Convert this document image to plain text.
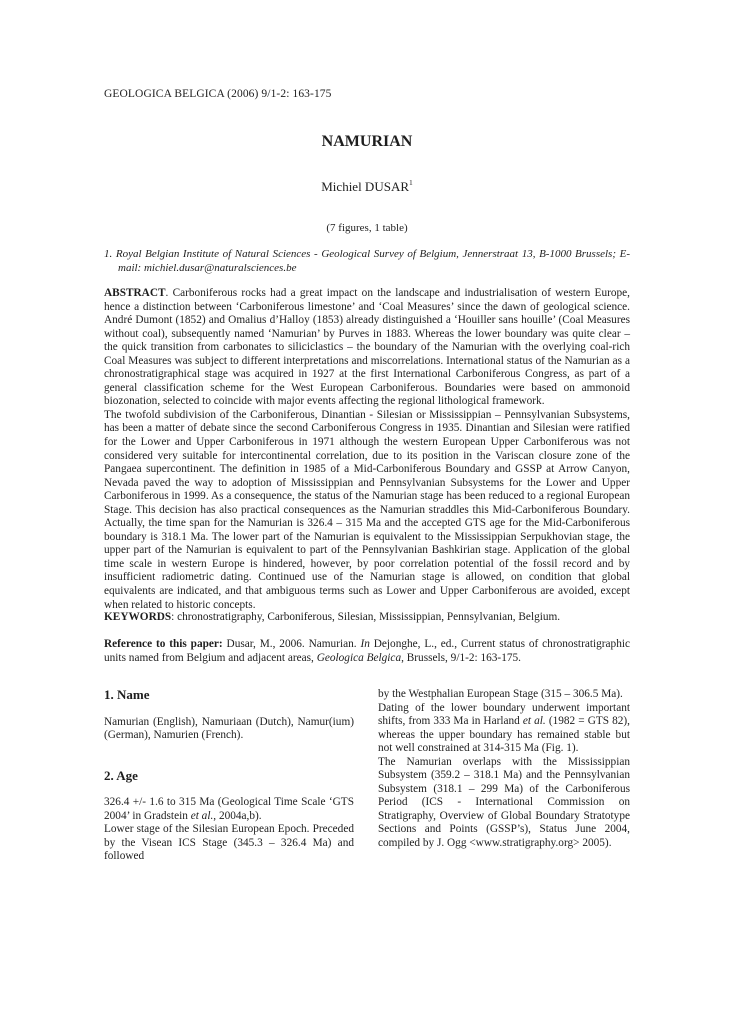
GEOLOGICA BELGICA (2006) 9/1-2: 163-175
NAMURIAN
Michiel DUSAR$^1$
(7 figures, 1 table)
1. Royal Belgian Institute of Natural Sciences - Geological Survey of Belgium, Jennerstraat 13, B-1000 Brussels; E-mail: michiel.dusar@naturalsciences.be

ABSTRACT. Carboniferous rocks had a great impact on the landscape and industrialisation of western Europe, hence a distinction between ‘Carboniferous limestone’ and ‘Coal Measures’ since the dawn of geological science. André Dumont (1852) and Omalius d’Halloy (1853) already distinguished a ‘Houiller sans houille’ (Coal Measures without coal), subsequently named ‘Namurian’ by Purves in 1883. Whereas the lower boundary was quite clear – the quick transition from carbonates to siliciclastics – the boundary of the Namurian with the overlying coal-rich Coal Measures was subject to different interpretations and miscorrelations. International status of the Namurian as a chronostratigraphical stage was acquired in 1927 at the first International Carboniferous Congress, as part of a general classification scheme for the West European Carboniferous. Boundaries were based on ammonoid biozonation, selected to coincide with major events affecting the regional lithological framework.

The twofold subdivision of the Carboniferous, Dinantian - Silesian or Mississippian – Pennsylvanian Subsystems, has been a matter of debate since the second Carboniferous Congress in 1935. Dinantian and Silesian were ratified for the Lower and Upper Carboniferous in 1971 although the western European Upper Carboniferous was not considered very suitable for intercontinental correlation, due to its position in the Variscan closure zone of the Pangaea supercontinent. The definition in 1985 of a Mid-Carboniferous Boundary and GSSP at Arrow Canyon, Nevada paved the way to adoption of Mississippian and Pennsylvanian Subsystems for the Lower and Upper Carboniferous in 1999. As a consequence, the status of the Namurian stage has been reduced to a regional European Stage. This decision has also practical consequences as the Namurian straddles this Mid-Carboniferous Boundary. Actually, the time span for the Namurian is 326.4 – 315 Ma and the accepted GTS age for the Mid-Carboniferous boundary is 318.1 Ma. The lower part of the Namurian is equivalent to the Mississippian Serpukhovian stage, the upper part of the Namurian is equivalent to part of the Pennsylvanian Bashkirian stage. Application of the global time scale in western Europe is hindered, however, by poor correlation potential of the fossil record and by insufficient radiometric dating. Continued use of the Namurian stage is allowed, on condition that global equivalents are indicated, and that ambiguous terms such as Lower and Upper Carboniferous are avoided, except when related to historic concepts.

KEYWORDS: chronostratigraphy, Carboniferous, Silesian, Mississippian, Pennsylvanian, Belgium.
Reference to this paper: Dusar, M., 2006. Namurian. In Dejonghe, L., ed., Current status of chronostratigraphic units named from Belgium and adjacent areas, Geologica Belgica, Brussels, 9/1-2: 163-175.
1. Name

Namurian (English), Namuriaan (Dutch), Namur(ium) (German), Namurien (French).

2. Age

326.4 +/- 1.6 to 315 Ma (Geological Time Scale ‘GTS 2004’ in Gradstein et al., 2004a,b).

Lower stage of the Silesian European Epoch. Preceded by the Visean ICS Stage (345.3 – 326.4 Ma) and followed

by the Westphalian European Stage (315 – 306.5 Ma).

Dating of the lower boundary underwent important shifts, from 333 Ma in Harland et al. (1982 = GTS 82), whereas the upper boundary has remained stable but not well constrained at 314-315 Ma (Fig. 1).

The Namurian overlaps with the Mississippian Subsystem (359.2 – 318.1 Ma) and the Pennsylvanian Subsystem (318.1 – 299 Ma) of the Carboniferous Period (ICS - International Commission on Stratigraphy, Overview of Global Boundary Stratotype Sections and Points (GSSP’s), Status June 2004, compiled by J. Ogg <www.stratigraphy.org> 2005).
